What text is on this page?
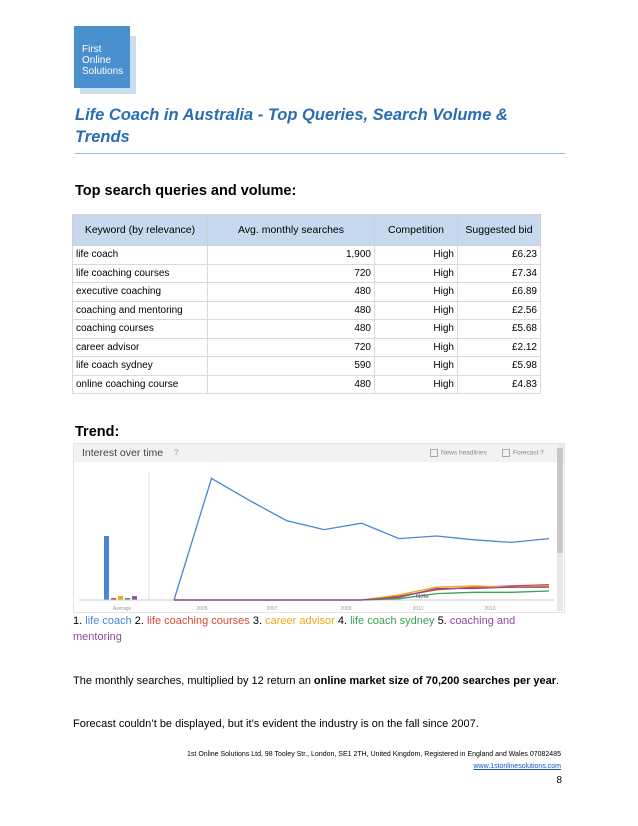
First
Online
Solutions
Life Coach in Australia - Top Queries, Search Volume & Trends
Top search queries and volume:
Keyword (by relevance)	Avg. monthly searches	Competition	Suggested bid
life coach	1,900	High	£6.23
life coaching courses	720	High	£7.34
executive coaching	480	High	£6.89
coaching and mentoring	480	High	£2.56
coaching courses	480	High	£5.68
career advisor	720	High	£2.12
life coach sydney	590	High	£5.98
online coaching course	480	High	£4.83
Trend:
Interest over time ?	News headlines	Forecast ?
Average	2005	2007	2009	2011	2013
Note
1. life coach 2. life coaching courses 3. career advisor 4. life coach sydney 5. coaching and mentoring
The monthly searches, multiplied by 12 return an online market size of 70,200 searches per year.
Forecast couldn’t be displayed, but it’s evident the industry is on the fall since 2007.
1st Online Solutions Ltd, 98 Tooley Str., London, SE1 2TH, United Kingdom, Registered in England and Wales 07082485
www.1stonlinesolutions.com
8
